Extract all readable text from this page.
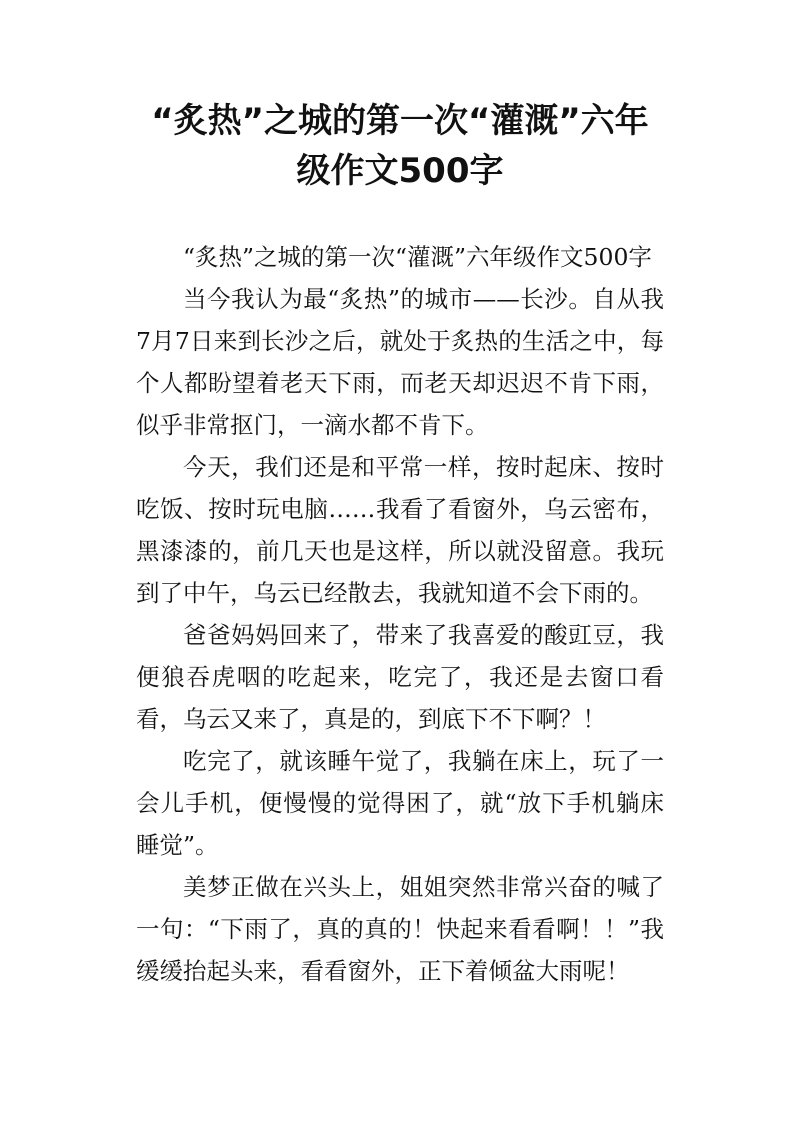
“炙热”之城的第一次“灌溉”六年
级作文500字

“炙热”之城的第一次“灌溉”六年级作文500字

当今我认为最“炙热”的城市——长沙。自从我7月7日来到长沙之后，就处于炙热的生活之中，每个人都盼望着老天下雨，而老天却迟迟不肯下雨，似乎非常抠门，一滴水都不肯下。

今天，我们还是和平常一样，按时起床、按时吃饭、按时玩电脑……我看了看窗外，乌云密布，黑漆漆的，前几天也是这样，所以就没留意。我玩到了中午，乌云已经散去，我就知道不会下雨的。

爸爸妈妈回来了，带来了我喜爱的酸豇豆，我便狼吞虎咽的吃起来，吃完了，我还是去窗口看看，乌云又来了，真是的，到底下不下啊？！

吃完了，就该睡午觉了，我躺在床上，玩了一会儿手机，便慢慢的觉得困了，就“放下手机躺床睡觉”。

美梦正做在兴头上，姐姐突然非常兴奋的喊了一句：“下雨了，真的真的！快起来看看啊！！”我缓缓抬起头来，看看窗外，正下着倾盆大雨呢！
